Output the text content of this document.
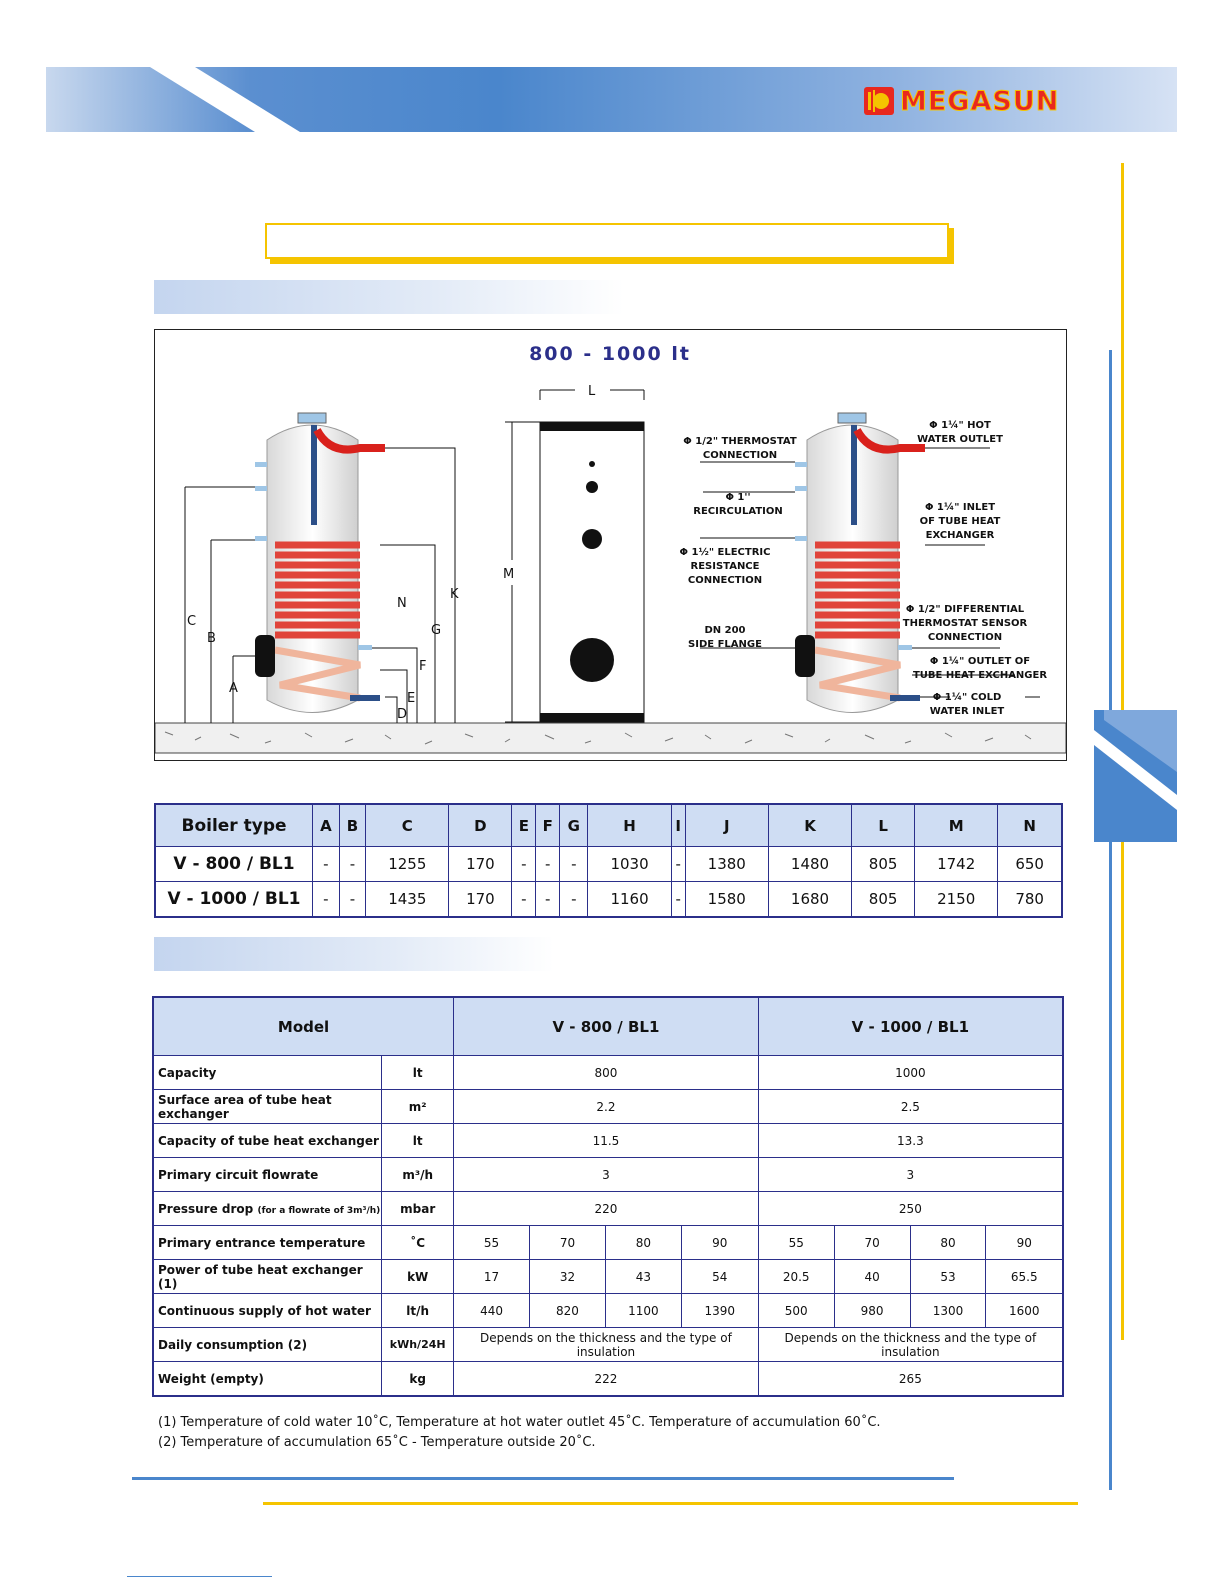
MEGASUN
800 - 1000 lt
C
B
A
N
G
F
E
D
K
L
M
Φ 1/2" THERMOSTAT CONNECTION
Φ 1'' RECIRCULATION
Φ 1½" ELECTRIC RESISTANCE CONNECTION
DN 200 SIDE FLANGE
Φ 1¼" HOT WATER OUTLET
Φ 1¼" INLET OF TUBE HEAT EXCHANGER
Φ 1/2" DIFFERENTIAL THERMOSTAT SENSOR CONNECTION
Φ 1¼" OUTLET OF TUBE HEAT EXCHANGER
Φ 1¼" COLD WATER INLET
Boiler type	A	B	C	D	E	F	G	H	I	J	K	L	M	N
V - 800 / BL1	-	-	1255	170	-	-	-	1030	-	1380	1480	805	1742	650
V - 1000 / BL1	-	-	1435	170	-	-	-	1160	-	1580	1680	805	2150	780
Model		V - 800 / BL1				V - 1000 / BL1			
Capacity	lt	800				1000			
Surface area of tube heat exchanger	m²	2.2				2.5			
Capacity of tube heat exchanger	lt	11.5				13.3			
Primary circuit flowrate	m³/h	3				3			
Pressure drop (for a flowrate of 3m³/h)	mbar	220				250			
Primary entrance temperature	˚C	55	70	80	90	55	70	80	90
Power of tube heat exchanger (1)	kW	17	32	43	54	20.5	40	53	65.5
Continuous supply of hot water	lt/h	440	820	1100	1390	500	980	1300	1600
Daily consumption (2)	kWh/24H	Depends on the thickness and the type of insulation				Depends on the thickness and the type of insulation			
Weight (empty)	kg	222				265			
(1) Temperature of cold water 10˚C, Temperature at hot water outlet 45˚C. Temperature of accumulation 60˚C.
(2) Temperature of accumulation 65˚C - Temperature outside 20˚C.
